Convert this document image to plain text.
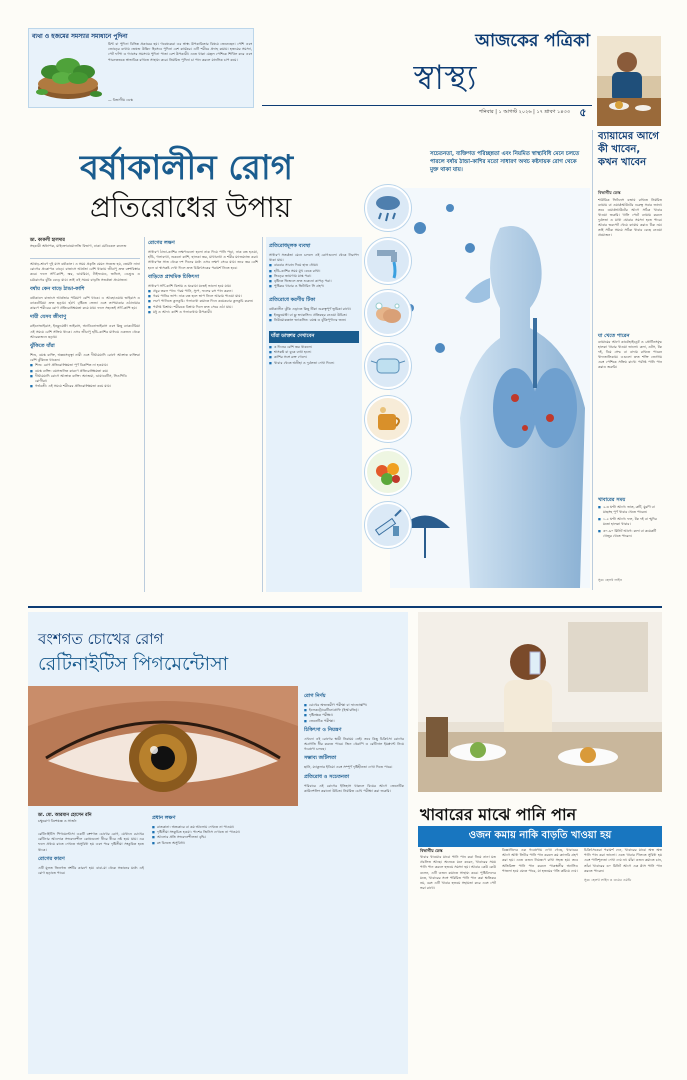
ব্যথা ও হজমের সমস্যার সমাধানে পুদিনা
মিন্ট বা পুদিনা বিভিন্ন প্রকারের হয়। গবেষকেরা এর স্বাস্থ্য উপকারিতার বিষয়ে জেনেছেন। পেশি এবং জোড়ের ব্যথায় ভেষজ উদ্ভিদ হিসেবে পুদিনা বেশ কার্যকর। এটি শরীরে প্রদাহ কমায়। হজমের সমস্যা, পেট ফাঁপা ও গ্যাসের সমস্যায় পুদিনা পাতা বেশ উপকারী। এতে থাকা মেন্থল পেশিকে শিথিল করে এবং পাচনতন্ত্রকে স্বাভাবিক রাখতে সাহায্য করে। নিয়মিত পুদিনা চা পান করলে মানসিক চাপ কমে।
— বিভাগীয় ডেস্ক
আজকের পত্রিকা
স্বাস্থ্য
শনিবার | ১ আগস্ট ২০২৬ | ১৭ শ্রাবণ ১৪৩৩ ৫
ব্যায়ামের আগে কী খাবেন, কখন খাবেন
বিভাগীয় ডেস্ক
শারীরিক ফিটনেস বজায় রাখতে নিয়মিত ব্যায়াম বা ওয়ার্কআউটের গুরুত্ব সবার জানা। তবে ওয়ার্কআউটের আগে সঠিক খাবার খাওয়া জরুরি। খালি পেটে ব্যায়াম করলে দুর্বলতা ও মাথা ঘোরার সমস্যা হতে পারে। আবার ভরপেট খেয়ে ব্যায়াম করাও ঠিক নয়। তাই সঠিক সময়ে সঠিক খাবার বেছে নেওয়া প্রয়োজন।
যা খেতে পারেন
ব্যায়ামের আগে কার্বোহাইড্রেট ও প্রোটিনসমৃদ্ধ হালকা খাবার খাওয়া ভালো। কলা, ওটস, টক দই, ডিম সেদ্ধ বা বাদাম রাখতে পারেন খাদ্যতালিকায়। এগুলো দ্রুত শক্তি জোগায় এবং পেশিকে সক্রিয় রাখে। পর্যাপ্ত পানি পান করাও জরুরি।
খাবারের সময়
■ ২-৩ ঘণ্টা আগে: ভাত, রুটি, মুরগি বা মাছসহ পূর্ণ খাবার খেতে পারেন।
■ ১-২ ঘণ্টা আগে: ফল, টক দই বা স্মুদির মতো হালকা খাবার।
■ ৩০-৬০ মিনিট আগে: কলা বা কয়েকটি খেজুর খেতে পারেন।
সূত্র: হেলথ লাইন
বর্ষাকালীন রোগ
প্রতিরোধের উপায়
সচেতনতা, ব্যক্তিগত পরিচ্ছন্নতা এবং নিয়মিত স্বাস্থ্যবিধি মেনে চলতে পারলে বর্ষায় ঠান্ডা-কাশির মতো সাধারণ অথচ কষ্টদায়ক রোগ থেকে মুক্ত থাকা যায়।
ডা. কাকলী হালদার
সহকারী অধ্যাপক, মাইক্রোবায়োলজি বিভাগ, ঢাকা মেডিকেল কলেজ
আষাঢ়-শ্রাবণ দুই মাস বর্ষাকাল। এ সময় প্রকৃতি যেমন সতেজ হয়, তেমনি নানা রোগের প্রকোপও বাড়ে। বাতাসে আর্দ্রতা বেশি থাকায় জীবাণু দ্রুত বংশবিস্তার করে। ফলে সর্দি-কাশি, জ্বর, ডায়রিয়া, টাইফয়েড, জন্ডিস, ডেঙ্গু ও চর্মরোগের ঝুঁকি বেড়ে যায়। তাই এই সময়ে বাড়তি সতর্কতা প্রয়োজন।
বর্ষায় কেন বাড়ে ঠান্ডা-কাশি
বর্ষাকালে বাতাসে আর্দ্রতার পরিমাণ বেশি থাকে। এ আবহাওয়ায় ভাইরাস ও ব্যাকটেরিয়া দ্রুত ছড়ায়। হঠাৎ বৃষ্টিতে ভেজা এবং তাপমাত্রার ওঠানামার কারণে শরীরের রোগ প্রতিরোধক্ষমতা কমে যায়। ফলে সহজেই সর্দি-কাশি হয়।
দায়ী যেসব জীবাণু
রাইনোভাইরাস, ইনফ্লুয়েঞ্জা ভাইরাস, অ্যাডিনোভাইরাস এবং কিছু ব্যাকটেরিয়া এই সময়ে বেশি সক্রিয় থাকে। এসব জীবাণু হাঁচি-কাশির মাধ্যমে একজন থেকে আরেকজনে ছড়ায়।
ঝুঁকিতে যাঁরা
শিশু, বয়স্ক ব্যক্তি, অন্তঃসত্ত্বা নারী এবং দীর্ঘমেয়াদি রোগে আক্রান্ত ব্যক্তিরা বেশি ঝুঁকিতে থাকেন।
■ শিশু: রোগ প্রতিরোধক্ষমতা পূর্ণ বিকশিত না হওয়ায়।
■ বয়স্ক ব্যক্তি: বয়সজনিত কারণে প্রতিরোধক্ষমতা কম।
■ দীর্ঘমেয়াদি রোগে আক্রান্ত ব্যক্তি: অ্যাজমা, ডায়াবেটিস, সিওপিডি রোগীরা।
■ গর্ভবতী: এই সময়ে শরীরের প্রতিরোধক্ষমতা কমে যায়।
রোগের লক্ষণ
সাধারণ ঠান্ডা-কাশির লক্ষণগুলো হলো নাক দিয়ে পানি পড়া, নাক বন্ধ হওয়া, হাঁচি, গলাব্যথা, শুকনো কাশি, হালকা জ্বর, মাথাব্যথা ও শরীর ম্যাজম্যাজ করা। সাধারণত সাত থেকে দশ দিনের মধ্যে এসব লক্ষণ সেরে যায়। তবে জ্বর বেশি হলে বা শ্বাসকষ্ট দেখা দিলে দ্রুত চিকিৎসকের পরামর্শ নিতে হবে।
বাড়িতে প্রাথমিক চিকিৎসা
সাধারণ সর্দি-কাশি বিশ্রাম ও ঘরোয়া যত্নেই ভালো হয়ে যায়।
■ প্রচুর তরল পান: গরম পানি, স্যুপ, ফলের রস পান করুন।
■ গরম পানির ভাপ: নাক বন্ধ হলে ভাপ নিলে আরাম পাওয়া যায়।
■ লবণ পানিতে কুলকুচি: গলাব্যথা কমাতে দিনে কয়েকবার কুলকুচি করুন।
■ পর্যাপ্ত বিশ্রাম: শরীরকে বিশ্রাম দিলে দ্রুত সেরে ওঠা যায়।
■ মধু ও আদা: কাশি ও গলাব্যথায় উপকারী।
প্রতিরোধমূলক ব্যবস্থা
সাধারণ সতর্কতা মেনে চললে এই রোগগুলো থেকে নিরাপদ থাকা যায়।
■ বারবার সাবান দিয়ে হাত ধোয়া।
■ হাঁচি-কাশির সময় মুখ ঢেকে রাখা।
■ ভিড়ের জায়গায় মাস্ক পরা।
■ বৃষ্টিতে ভিজলে দ্রুত শুকনো কাপড় পরা।
■ পুষ্টিকর খাবার ও ভিটামিন সি গ্রহণ।
প্রতিরোধে করণীয় টিকা
বর্ষাকালীন ঝুঁকি এড়াতে কিছু টিকা গুরুত্বপূর্ণ ভূমিকা রাখে।
■ ইনফ্লুয়েঞ্জা বা ফ্লু ভ্যাকসিন: প্রতিবছর নেওয়া উচিত।
■ নিউমোকক্কাল ভ্যাকসিন: বয়স্ক ও ঝুঁকিপূর্ণদের জন্য।
যাঁরা ডাক্তার দেখাবেন
■ ৩ দিনের বেশি জ্বর থাকলে।
■ শ্বাসকষ্ট বা বুকে ব্যথা হলে।
■ কাশির সঙ্গে রক্ত গেলে।
■ খাবার খেতে অনীহা ও দুর্বলতা দেখা দিলে।
বংশগত চোখের রোগ
রেটিনাইটিস পিগমেন্টোসা
ডা. মো. আরমান হোসেন রনি
চক্ষুরোগ বিশেষজ্ঞ ও সার্জন
রেটিনাইটিস পিগমেন্টোসা একটি বংশগত চোখের রোগ, যেখানে চোখের রেটিনার আলোক সংবেদনশীল কোষগুলো ধীরে ধীরে নষ্ট হয়ে যায়। এর ফলে প্রথমে রাতে দেখতে অসুবিধা হয় এবং পরে দৃষ্টিসীমা সংকুচিত হতে থাকে।
রোগের কারণ
এটি মূলত জিনগত ত্রুটির কারণে হয়। বাবা-মা থেকে সন্তানের মধ্যে এই রোগ ছড়াতে পারে।
প্রধান লক্ষণ
■ রাতকানা: অন্ধকারে বা কম আলোয় দেখতে না পাওয়া।
■ দৃষ্টিসীমা সংকুচিত হওয়া: পাশের জিনিস দেখতে না পাওয়া।
■ আলোর প্রতি সংবেদনশীলতা বৃদ্ধি।
■ রং চিনতে অসুবিধা।
রোগ নির্ণয়
■ চোখের অভ্যন্তরীণ পরীক্ষা বা ফান্ডোস্কপি।
■ ইলেকট্রোরেটিনোগ্রাফি (ইআরজি)।
■ দৃষ্টিক্ষেত্র পরীক্ষা।
■ জেনেটিক পরীক্ষা।
চিকিৎসা ও নিয়ন্ত্রণ
এখনো এই রোগের স্থায়ী নিরাময় নেই। তবে কিছু চিকিৎসা রোগের অগ্রগতি ধীর করতে পারে। জিন থেরাপি ও রেটিনাল ইমপ্ল্যান্ট নিয়ে গবেষণা চলছে।
সম্ভাব্য জটিলতা
ছানি, ম্যাকুলার ইডিমা এবং সম্পূর্ণ দৃষ্টিহীনতা দেখা দিতে পারে।
প্রতিরোধ ও সচেতনতা
পরিবারে এই রোগের ইতিহাস থাকলে বিয়ের আগে জেনেটিক কাউন্সেলিং করানো উচিত। নিয়মিত চোখ পরীক্ষা করা জরুরি।
খাবারের মাঝে পানি পান
ওজন কমায় নাকি বাড়তি খাওয়া হয়
বিভাগীয় ডেস্ক
খাবার খাওয়ার মাঝে পানি পান করা নিয়ে নানা মত প্রচলিত আছে। অনেকে মনে করেন, খাবারের সময় পানি পান করলে হজমে সমস্যা হয়। আবার কেউ কেউ বলেন, এটি ওজন কমাতে সাহায্য করে। পুষ্টিবিদদের মতে, খাবারের সঙ্গে পরিমিত পানি পান করা ক্ষতিকর নয়, বরং এটি খাবার হজমে সহায়তা করে এবং পেট ভরা রাখে।
বিজ্ঞানীদের এক গবেষণায় দেখা গেছে, খাবারের আগে আধা লিটার পানি পান করলে কম ক্যালরি গ্রহণ করা হয়। এতে ওজন নিয়ন্ত্রণে রাখা সহজ হয়। তবে অতিরিক্ত পানি পান করলে পাকস্থলীর অ্যাসিড পাতলা হয়ে যেতে পারে, যা হজমের গতি কমিয়ে দেয়।
চিকিৎসকেরা পরামর্শ দেন, খাবারের মাঝে অল্প অল্প পানি পান করা ভালো। এতে খাবার গিলতে সুবিধা হয় এবং পানিশূন্যতা দেখা দেয় না। যাঁরা ওজন কমাতে চান, তাঁরা খাবারের ৩০ মিনিট আগে এক গ্লাস পানি পান করতে পারেন।
সূত্র: হেলথ লাইন ও ওয়েব এমডি
